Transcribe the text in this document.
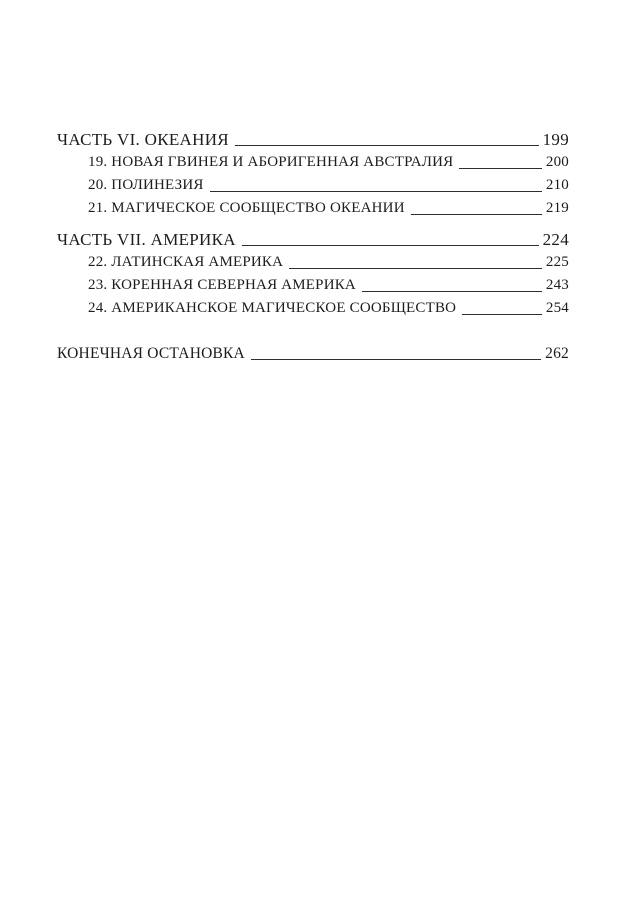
ЧАСТЬ VI. ОКЕАНИЯ	199
19. НОВАЯ ГВИНЕЯ И АБОРИГЕННАЯ АВСТРАЛИЯ	200
20. ПОЛИНЕЗИЯ	210
21. МАГИЧЕСКОЕ СООБЩЕСТВО ОКЕАНИИ	219
ЧАСТЬ VII. АМЕРИКА	224
22. ЛАТИНСКАЯ АМЕРИКА	225
23. КОРЕННАЯ СЕВЕРНАЯ АМЕРИКА	243
24. АМЕРИКАНСКОЕ МАГИЧЕСКОЕ СООБЩЕСТВО	254
КОНЕЧНАЯ ОСТАНОВКА	262
